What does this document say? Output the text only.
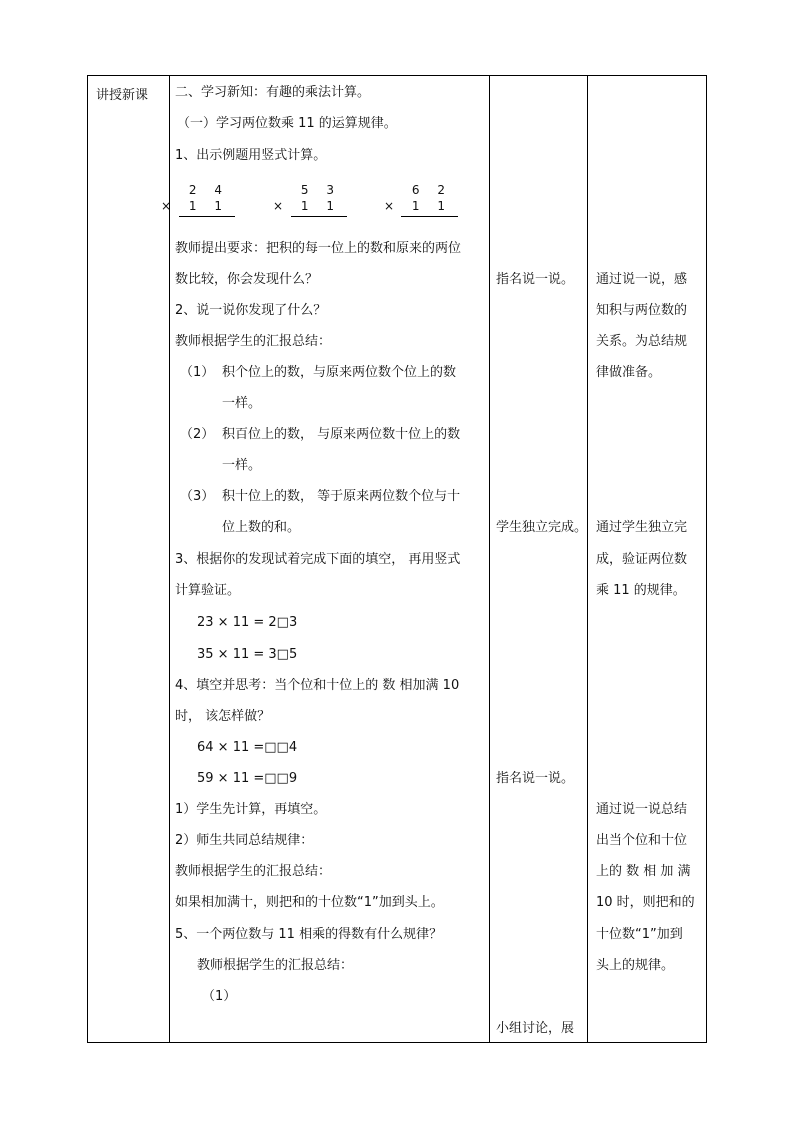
讲授新课 二、学习新知：有趣的乘法计算。
（一）学习两位数乘 11 的运算规律。
1、出示例题用竖式计算。
2 4
× 1 1
5 3
× 1 1
6 2
× 1 1
教师提出要求：把积的每一位上的数和原来的两位
数比较，你会发现什么？
2、说一说你发现了什么？
教师根据学生的汇报总结：
（1） 积个位上的数，与原来两位数个位上的数
一样。
（2） 积百位上的数， 与原来两位数十位上的数
一样。
（3） 积十位上的数， 等于原来两位数个位与十
位上数的和。
3、根据你的发现试着完成下面的填空， 再用竖式
计算验证。
23 × 11 = 2□3
35 × 11 = 3□5
4、填空并思考：当个位和十位上的 数 相加满 10
时， 该怎样做？
64 × 11 =□□4
59 × 11 =□□9
1）学生先计算，再填空。
2）师生共同总结规律：
教师根据学生的汇报总结：
如果相加满十，则把和的十位数“1”加到头上。
5、一个两位数与 11 相乘的得数有什么规律？
教师根据学生的汇报总结：
（1）
指名说一说。
学生独立完成。
指名说一说。
小组讨论，展
通过说一说，感
知积与两位数的
关系。为总结规
律做准备。
通过学生独立完
成，验证两位数
乘 11 的规律。
通过说一说总结
出当个位和十位
上的 数 相 加 满
10 时，则把和的
十位数“1”加到
头上的规律。
